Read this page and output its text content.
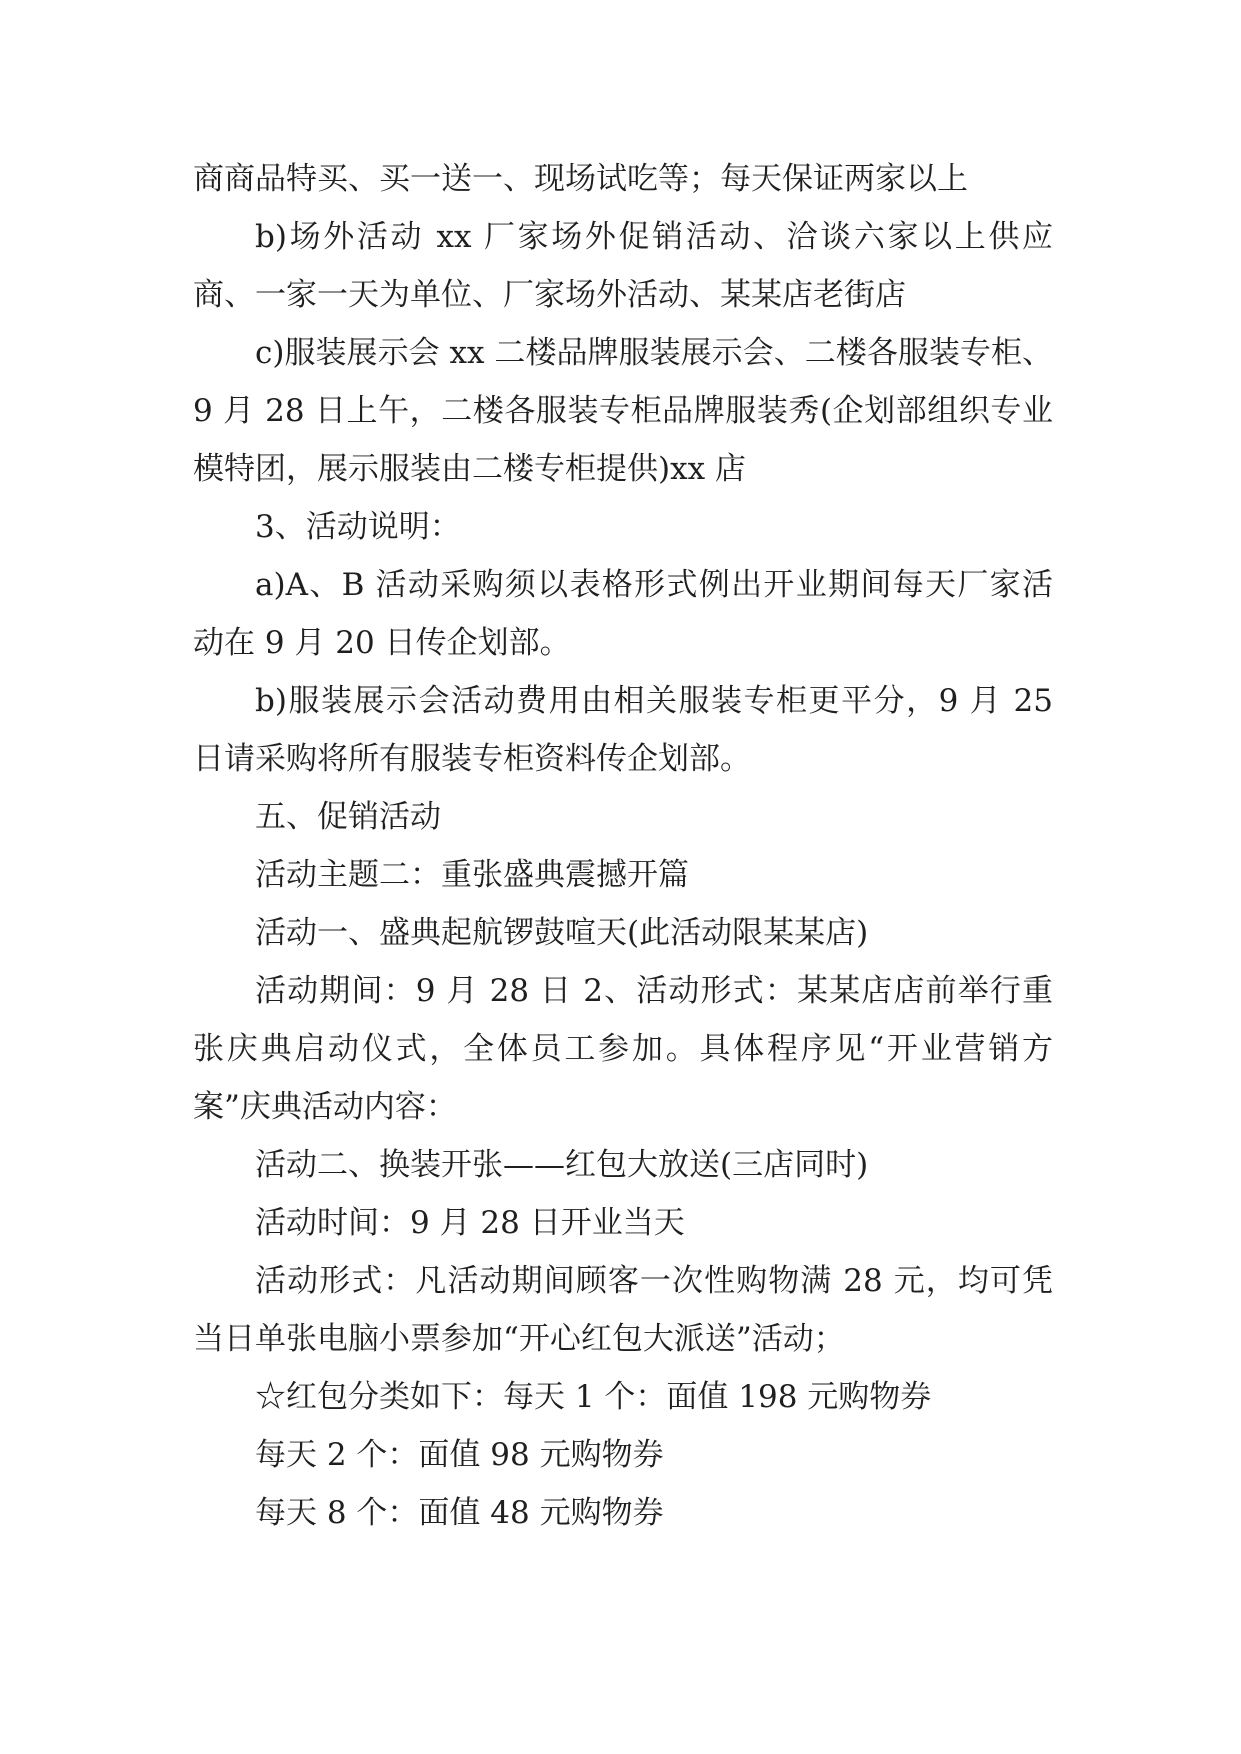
商商品特买、买一送一、现场试吃等；每天保证两家以上

b)场外活动 xx 厂家场外促销活动、洽谈六家以上供应商、一家一天为单位、厂家场外活动、某某店老街店

c)服装展示会 xx 二楼品牌服装展示会、二楼各服装专柜、9 月 28 日上午，二楼各服装专柜品牌服装秀(企划部组织专业模特团，展示服装由二楼专柜提供)xx 店

3、活动说明：

a)A、B 活动采购须以表格形式例出开业期间每天厂家活动在 9 月 20 日传企划部。

b)服装展示会活动费用由相关服装专柜更平分，9 月 25 日请采购将所有服装专柜资料传企划部。

五、促销活动

活动主题二：重张盛典震撼开篇

活动一、盛典起航锣鼓喧天(此活动限某某店)

活动期间：9 月 28 日 2、活动形式：某某店店前举行重张庆典启动仪式，全体员工参加。具体程序见“开业营销方案”庆典活动内容：

活动二、换装开张——红包大放送(三店同时)

活动时间：9 月 28 日开业当天

活动形式：凡活动期间顾客一次性购物满 28 元，均可凭当日单张电脑小票参加“开心红包大派送”活动；

☆红包分类如下：每天 1 个：面值 198 元购物券

每天 2 个：面值 98 元购物券

每天 8 个：面值 48 元购物券
